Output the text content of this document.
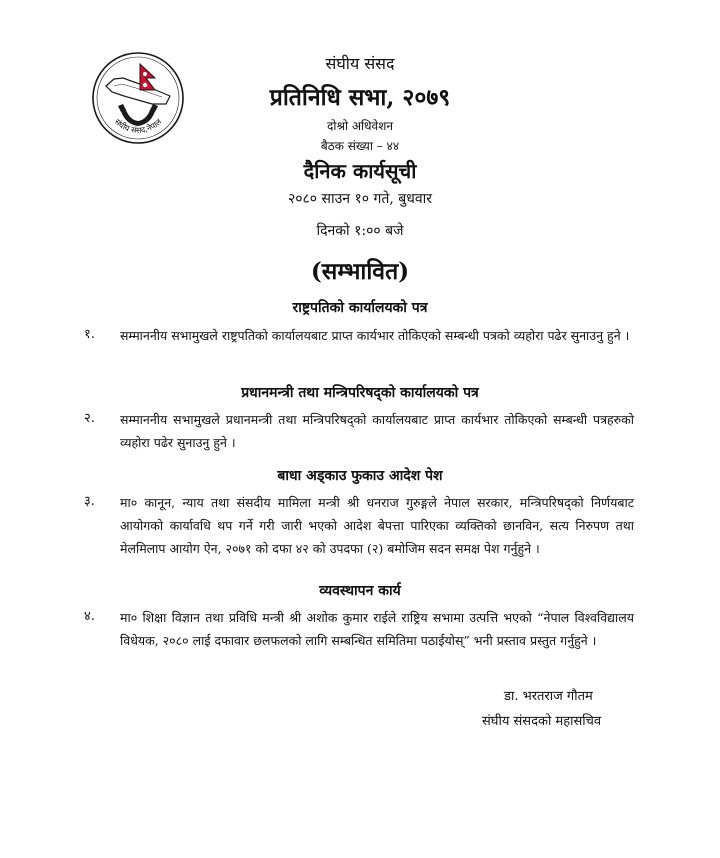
संघीय संसद,नेपाल
संघीय संसद
प्रतिनिधि सभा, २०७९
दोश्रो अधिवेशन
बैठक संख्या – ४४
दैनिक कार्यसूची
२०८० साउन १० गते, बुधवार
दिनको १:०० बजे
(सम्भावित)
राष्ट्रपतिको कार्यालयको पत्र
१. सम्माननीय सभामुखले राष्ट्रपतिको कार्यालयबाट प्राप्त कार्यभार तोकिएको सम्बन्धी पत्रको व्यहोरा पढेर सुनाउनु हुने ।
प्रधानमन्त्री तथा मन्त्रिपरिषद्को कार्यालयको पत्र
२. सम्माननीय सभामुखले प्रधानमन्त्री तथा मन्त्रिपरिषद्को कार्यालयबाट प्राप्त कार्यभार तोकिएको सम्बन्धी पत्रहरुको व्यहोरा पढेर सुनाउनु हुने ।
बाधा अड्काउ फुकाउ आदेश पेश
३. मा० कानून, न्याय तथा संसदीय मामिला मन्त्री श्री धनराज गुरुङ्गले नेपाल सरकार, मन्त्रिपरिषद्को निर्णयबाट आयोगको कार्यावधि थप गर्ने गरी जारी भएको आदेश बेपत्ता पारिएका व्यक्तिको छानविन, सत्य निरुपण तथा मेलमिलाप आयोग ऐन, २०७१ को दफा ४२ को उपदफा (२) बमोजिम सदन समक्ष पेश गर्नुहुने ।
व्यवस्थापन कार्य
४. मा० शिक्षा विज्ञान तथा प्रविधि मन्त्री श्री अशोक कुमार राईले राष्ट्रिय सभामा उत्पत्ति भएको “नेपाल विश्वविद्यालय विधेयक, २०८० लाई दफावार छलफलको लागि सम्बन्धित समितिमा पठाईयोस्” भनी प्रस्ताव प्रस्तुत गर्नुहुने ।
डा. भरतराज गौतम
संघीय संसदको महासचिव
